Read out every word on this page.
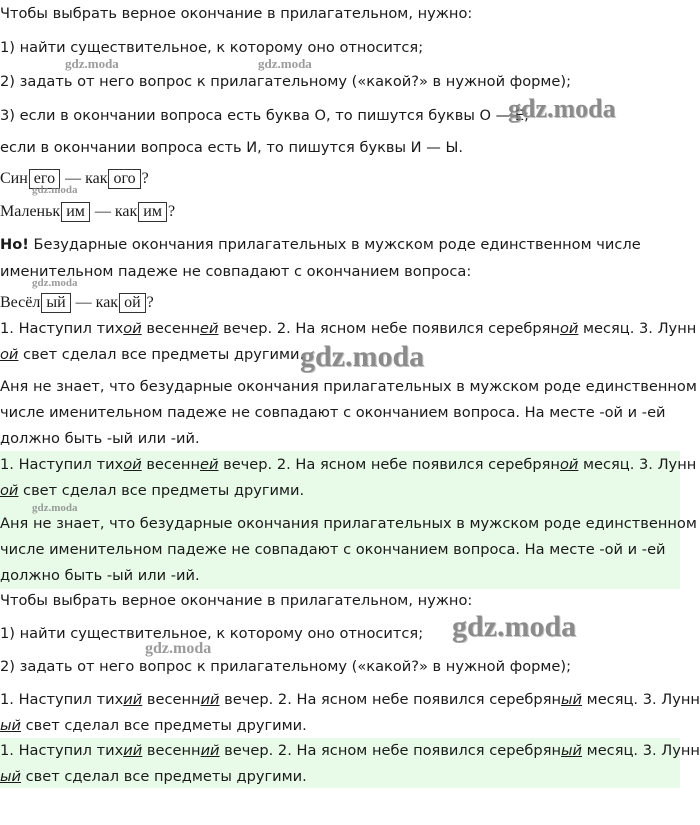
Чтобы выбрать верное окончание в прилагательном, нужно:
1) найти существительное, к которому оно относится;
2) задать от него вопрос к прилагательному («какой?» в нужной форме);
3) если в окончании вопроса есть буква О, то пишутся буквы О — Е;
если в окончании вопроса есть И, то пишутся буквы И — Ы.
Син его — как ого ?
Маленьк им — как им ?
Но! Безударные окончания прилагательных в мужском роде единственном числе
именительном падеже не совпадают с окончанием вопроса:
Весёл ый — как ой ?
1. Наступил тихой весенней вечер. 2. На ясном небе появился серебряной месяц. 3. Лунн
ой свет сделал все предметы другими.
Аня не знает, что безударные окончания прилагательных в мужском роде единственном
числе именительном падеже не совпадают с окончанием вопроса. На месте -ой и -ей
должно быть -ый или -ий.
1. Наступил тихой весенней вечер. 2. На ясном небе появился серебряной месяц. 3. Лунн
ой свет сделал все предметы другими.
Аня не знает, что безударные окончания прилагательных в мужском роде единственном
числе именительном падеже не совпадают с окончанием вопроса. На месте -ой и -ей
должно быть -ый или -ий.
Чтобы выбрать верное окончание в прилагательном, нужно:
1) найти существительное, к которому оно относится;
2) задать от него вопрос к прилагательному («какой?» в нужной форме);
1. Наступил тихий весенний вечер. 2. На ясном небе появился серебряный месяц. 3. Лунн
ый свет сделал все предметы другими.
1. Наступил тихий весенний вечер. 2. На ясном небе появился серебряный месяц. 3. Лунн
ый свет сделал все предметы другими.
gdz.moda	gdz.moda
gdz.moda
gdz.moda
gdz.moda
gdz.moda
gdz.moda
gdz.moda
gdz.moda
